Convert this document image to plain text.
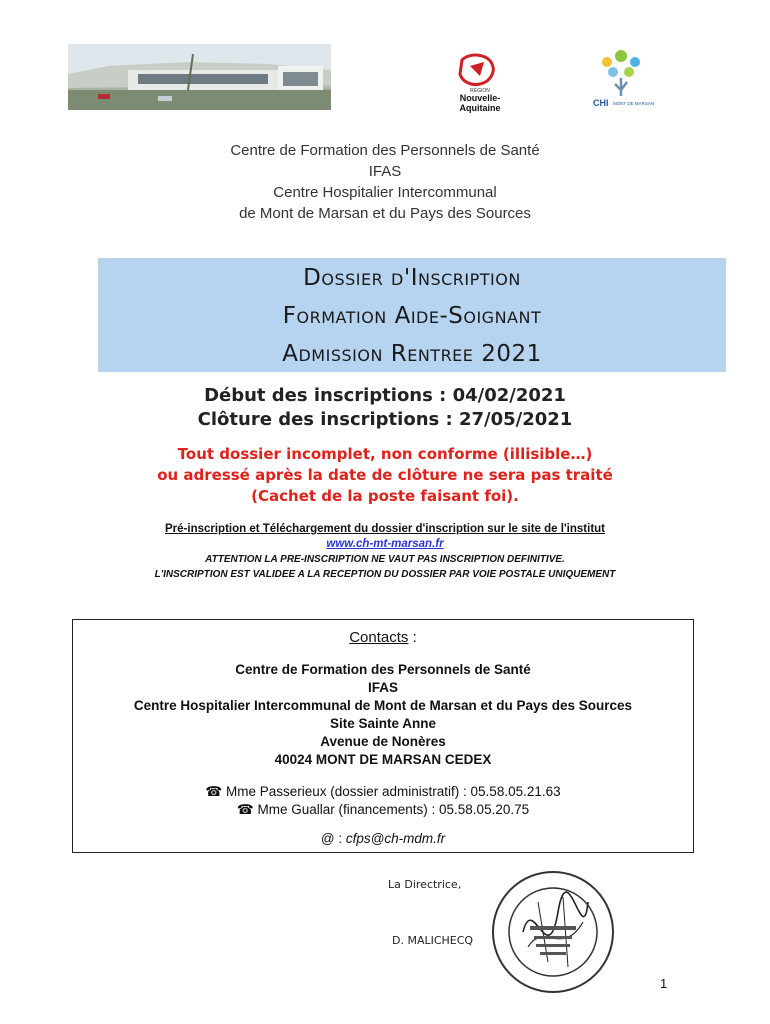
RÉGION
Nouvelle-
Aquitaine	CHI MONT DE MARSAN
Centre de Formation des Personnels de Santé
IFAS
Centre Hospitalier Intercommunal
de Mont de Marsan et du Pays des Sources
Dossier d'Inscription
Formation Aide-Soignant
Admission Rentree 2021
Début des inscriptions : 04/02/2021
Clôture des inscriptions : 27/05/2021
Tout dossier incomplet, non conforme (illisible…)
ou adressé après la date de clôture ne sera pas traité
(Cachet de la poste faisant foi).
Pré-inscription et Téléchargement du dossier d'inscription sur le site de l'institut
www.ch-mt-marsan.fr
ATTENTION LA PRE-INSCRIPTION NE VAUT PAS INSCRIPTION DEFINITIVE.
L'INSCRIPTION EST VALIDEE A LA RECEPTION DU DOSSIER PAR VOIE POSTALE UNIQUEMENT
Contacts :
Centre de Formation des Personnels de Santé
IFAS
Centre Hospitalier Intercommunal de Mont de Marsan et du Pays des Sources
Site Sainte Anne
Avenue de Nonères
40024 MONT DE MARSAN CEDEX
☎ Mme Passerieux (dossier administratif) : 05.58.05.21.63
☎ Mme Guallar (financements) : 05.58.05.20.75
@ : cfps@ch-mdm.fr
La Directrice,
D. MALICHECQ
1
